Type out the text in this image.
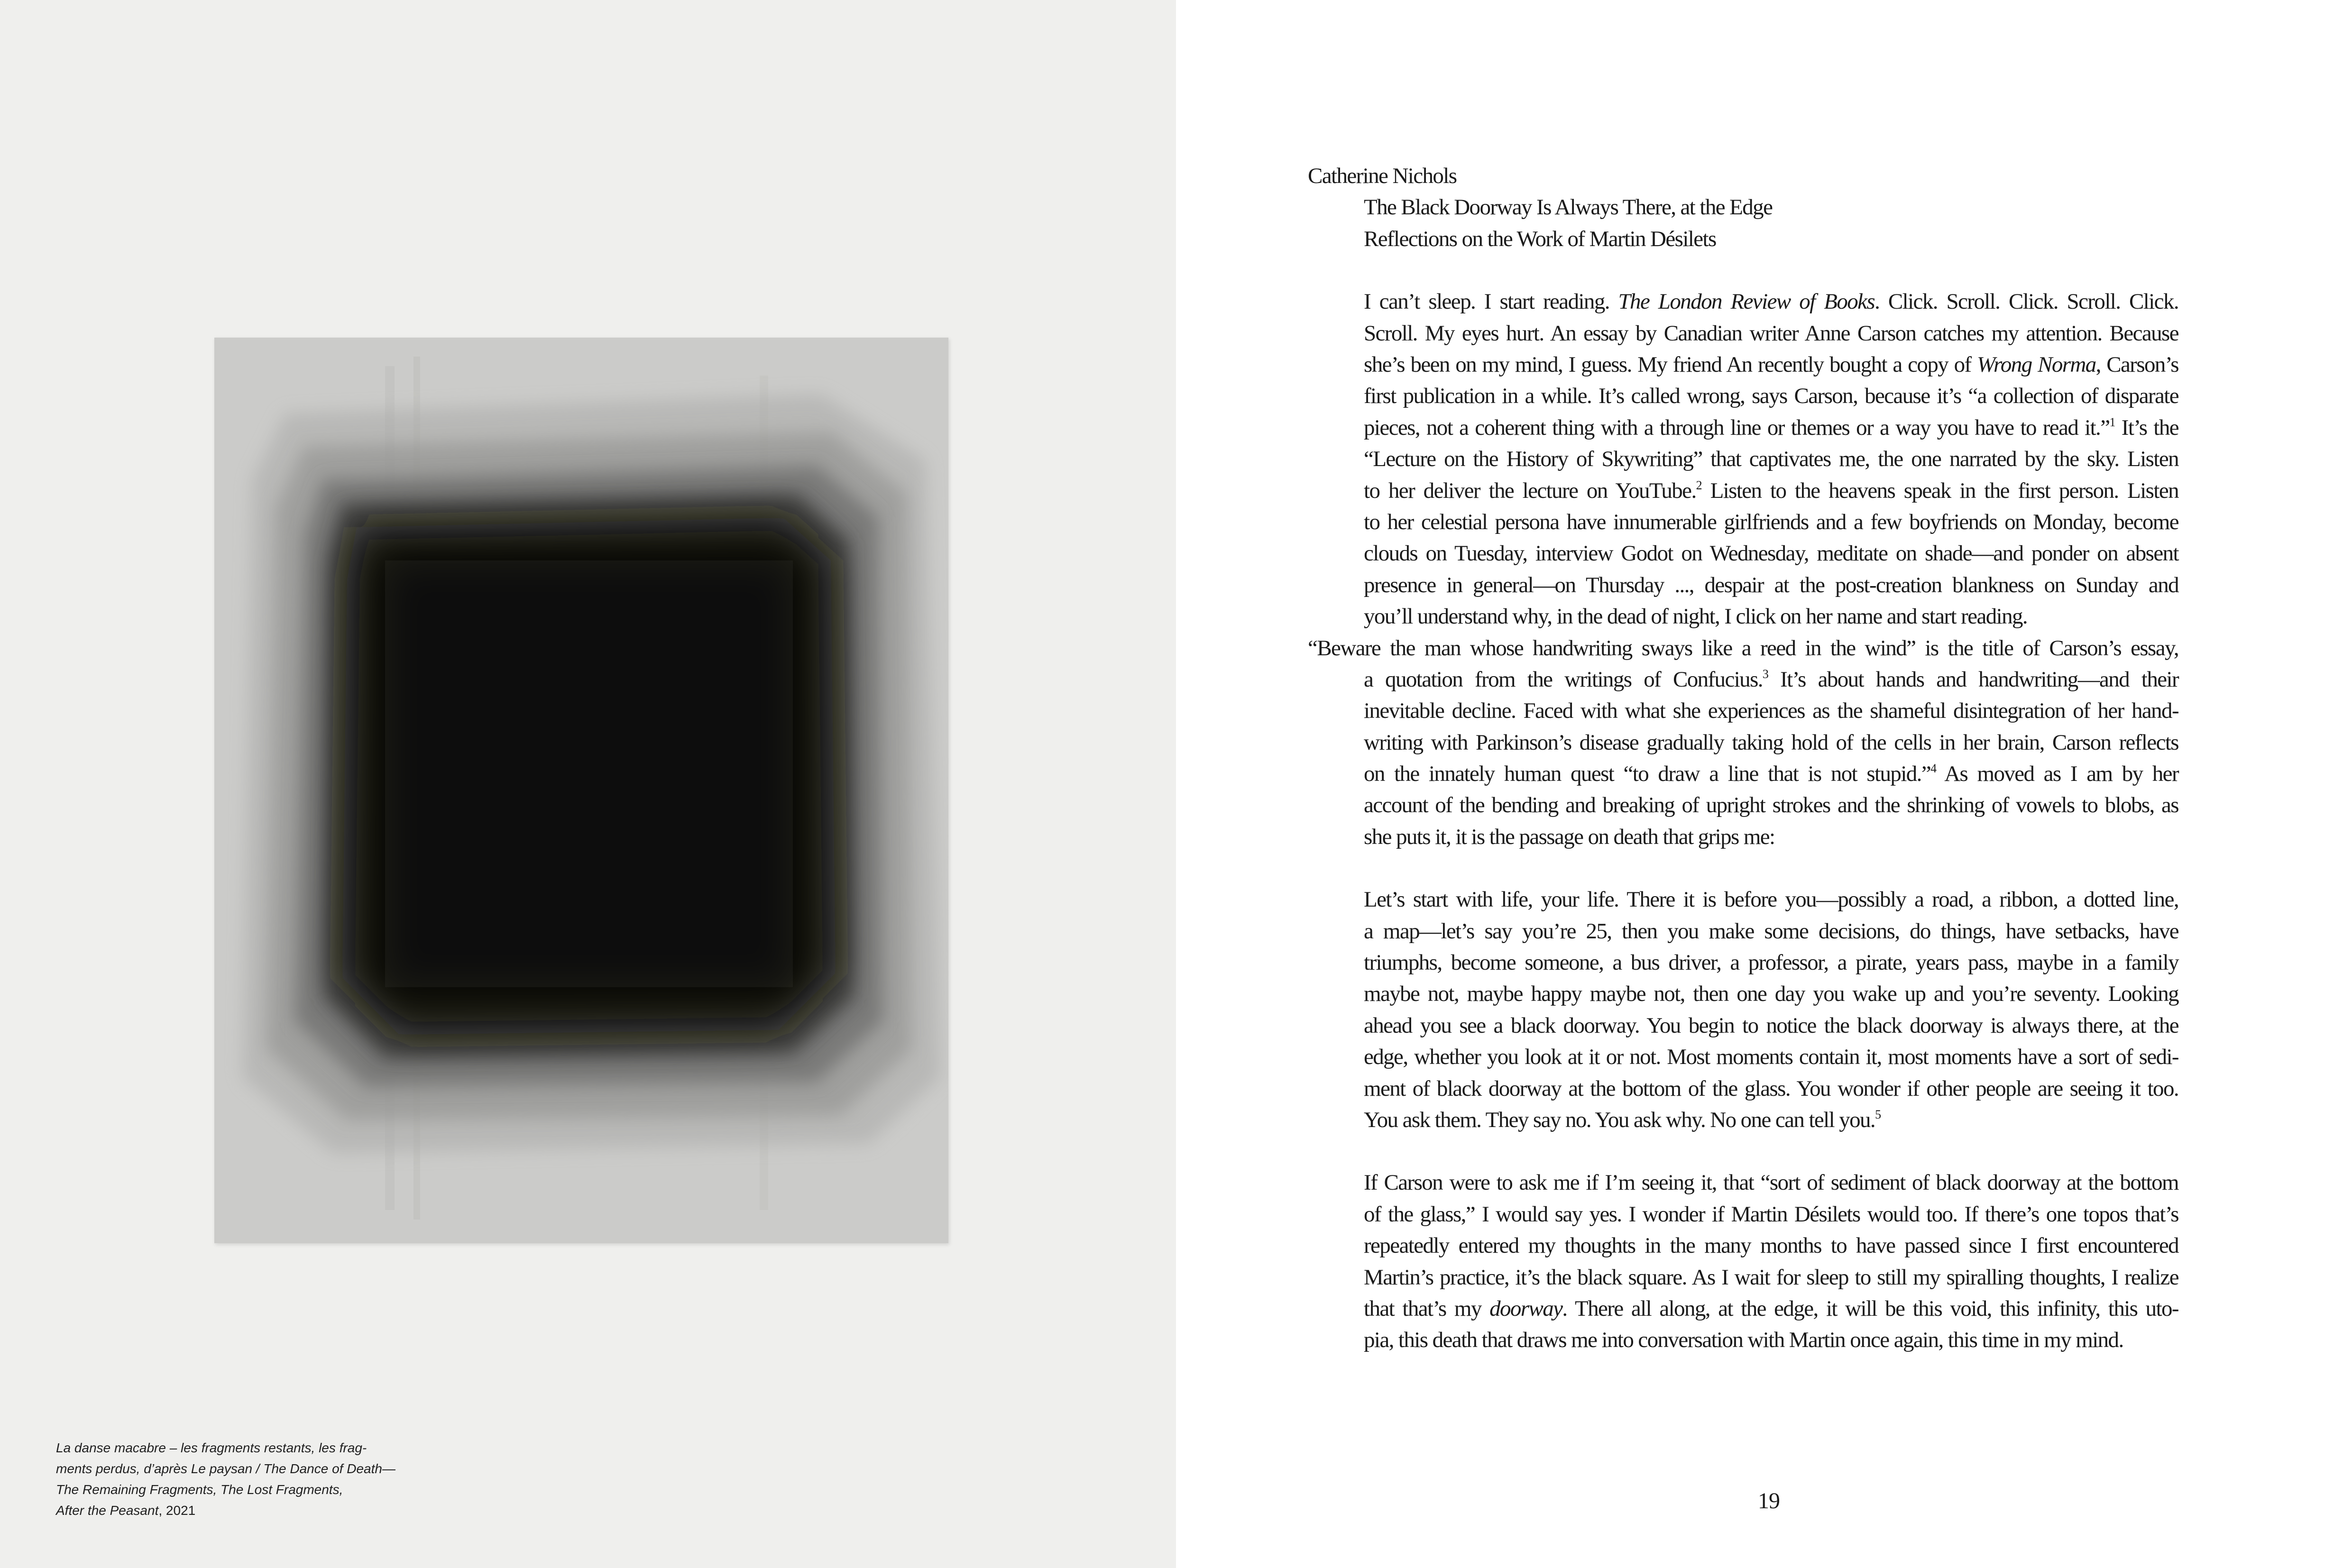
La danse macabre – les fragments restants, les frag-
ments perdus, d’après Le paysan / The Dance of Death—
The Remaining Fragments, The Lost Fragments,
After the Peasant, 2021
Catherine Nichols
The Black Doorway Is Always There, at the Edge
Reflections on the Work of Martin Désilets
I can’t sleep. I start reading. The London Review of Books. Click. Scroll. Click. Scroll. Click.
Scroll. My eyes hurt. An essay by Canadian writer Anne Carson catches my attention. Because
she’s been on my mind, I guess. My friend An recently bought a copy of Wrong Norma, Carson’s
first publication in a while. It’s called wrong, says Carson, because it’s “a collection of disparate
pieces, not a coherent thing with a through line or themes or a way you have to read it.”$^1$ It’s the
“Lecture on the History of Skywriting” that captivates me, the one narrated by the sky. Listen
to her deliver the lecture on YouTube.$^2$ Listen to the heavens speak in the first person. Listen
to her celestial persona have innumerable girlfriends and a few boyfriends on Monday, become
clouds on Tuesday, interview Godot on Wednesday, meditate on shade—and ponder on absent
presence in general—on Thursday ..., despair at the post-creation blankness on Sunday and
you’ll understand why, in the dead of night, I click on her name and start reading.
“Beware the man whose handwriting sways like a reed in the wind” is the title of Carson’s essay,
a quotation from the writings of Confucius.$^3$ It’s about hands and handwriting—and their
inevitable decline. Faced with what she experiences as the shameful disintegration of her hand-
writing with Parkinson’s disease gradually taking hold of the cells in her brain, Carson reflects
on the innately human quest “to draw a line that is not stupid.”$^4$ As moved as I am by her
account of the bending and breaking of upright strokes and the shrinking of vowels to blobs, as
she puts it, it is the passage on death that grips me:
Let’s start with life, your life. There it is before you—possibly a road, a ribbon, a dotted line,
a map—let’s say you’re 25, then you make some decisions, do things, have setbacks, have
triumphs, become someone, a bus driver, a professor, a pirate, years pass, maybe in a family
maybe not, maybe happy maybe not, then one day you wake up and you’re seventy. Looking
ahead you see a black doorway. You begin to notice the black doorway is always there, at the
edge, whether you look at it or not. Most moments contain it, most moments have a sort of sedi-
ment of black doorway at the bottom of the glass. You wonder if other people are seeing it too.
You ask them. They say no. You ask why. No one can tell you.$^5$
If Carson were to ask me if I’m seeing it, that “sort of sediment of black doorway at the bottom
of the glass,” I would say yes. I wonder if Martin Désilets would too. If there’s one topos that’s
repeatedly entered my thoughts in the many months to have passed since I first encountered
Martin’s practice, it’s the black square. As I wait for sleep to still my spiralling thoughts, I realize
that that’s my doorway. There all along, at the edge, it will be this void, this infinity, this uto-
pia, this death that draws me into conversation with Martin once again, this time in my mind.
19
